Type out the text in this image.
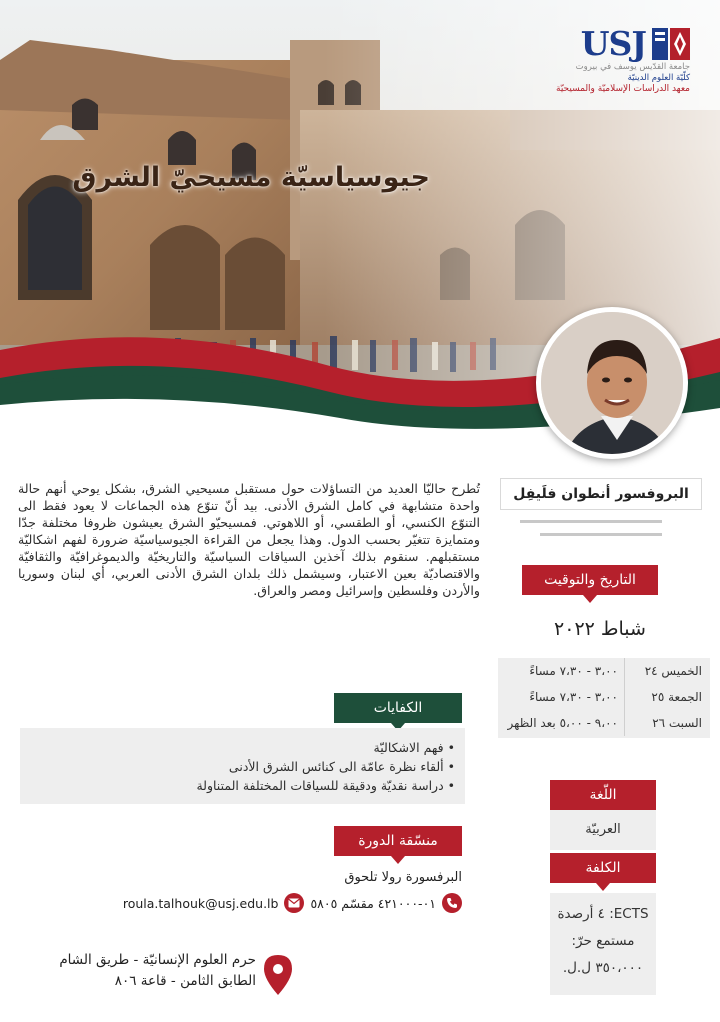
USJ
جامعة القدّيس يوسف في بيروت
كلّيّة العلوم الدينيّة
معهد الدراسات الإسلاميّة والمسيحيّة
جيوسياسيّة مسيحيّ الشرق

تُطرح حاليّا العديد من التساؤلات حول مستقبل مسيحيي الشرق، بشكل يوحي أنهم حالة واحدة متشابهة في كامل الشرق الأدنى. بيد أنّ تنوّع هذه الجماعات لا يعود فقط الى التنوّع الكنسي، أو الطقسي، أو اللاهوتي. فمسيحيّو الشرق يعيشون ظروفا مختلفة جدّا ومتمايزة تتغيّر بحسب الدول. وهذا يجعل من القراءة الجيوسياسيّة ضرورة لفهم اشكاليّة مستقبلهم. سنقوم بذلك آخذين السياقات السياسيّة والتاريخيّة والديموغرافيّة والثقافيّة والاقتصاديّة بعين الاعتبار، وسيشمل ذلك بلدان الشرق الأدنى العربي، أي لبنان وسوريا والأردن وفلسطين وإسرائيل ومصر والعراق.

البروفسور أنطوان فلَيفِل
التاريخ والتوقيت
شباط ٢٠٢٢
الخميس ٢٤
٣،٠٠ - ٧،٣٠ مساءً
الجمعة ٢٥
٣،٠٠ - ٧،٣٠ مساءً
السبت ٢٦
٩،٠٠ - ٥،٠٠ بعد الظهر
اللّغة
العربيّة
الكلفة
ECTS: ٤ أرصدة
مستمع حرّ:
٣٥٠،٠٠٠ ل.ل.
الكفايات
• فهم الاشكاليّة
• ألقاء نظرة عامّة الى كنائس الشرق الأدنى
• دراسة نقديّة ودقيقة للسياقات المختلفة المتناولة
منسّقة الدورة
البرفسورة رولا تلحوق
٠١-٤٢١٠٠٠ مقسّم ٥٨٠٥
roula.talhouk@usj.edu.lb
حرم العلوم الإنسانيّة - طريق الشام
الطابق الثامن - قاعة ٨٠٦
